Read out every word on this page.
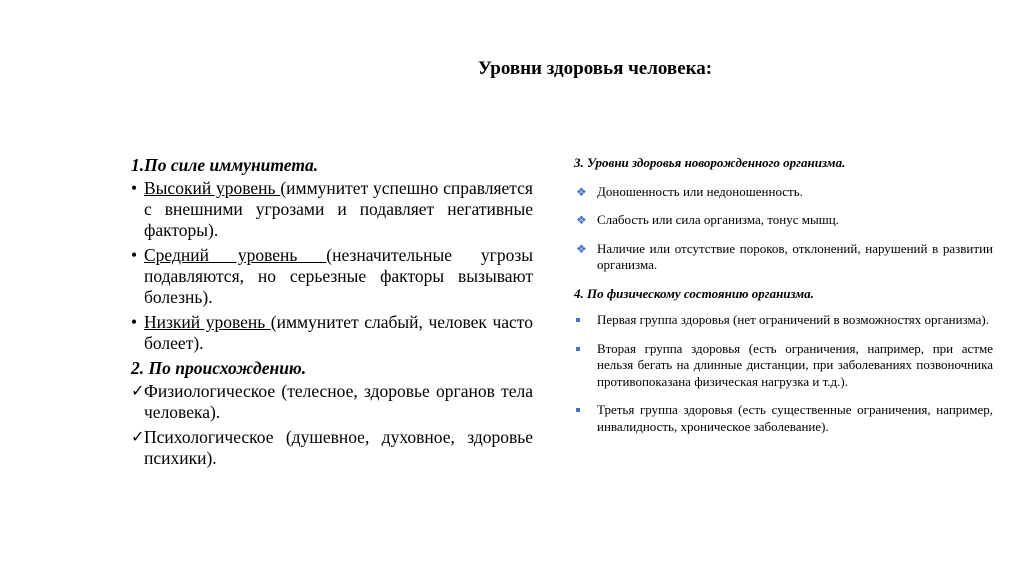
Уровни здоровья человека:
1.По силе иммунитета.
• Высокий уровень (иммунитет успешно справляется с внешними угрозами и подавляет негативные факторы).
• Средний уровень (незначительные угрозы подавляются, но серьезные факторы вызывают болезнь).
• Низкий уровень (иммунитет слабый, человек часто болеет).
2. По происхождению.
✓ Физиологическое (телесное, здоровье органов тела человека).
✓ Психологическое (душевное, духовное, здоровье психики).
3. Уровни здоровья новорожденного организма.
❖ Доношенность или недоношенность.
❖ Слабость или сила организма, тонус мышц.
❖ Наличие или отсутствие пороков, отклонений, нарушений в развитии организма.
4. По физическому состоянию организма.
Первая группа здоровья (нет ограничений в возможностях организма).
Вторая группа здоровья (есть ограничения, например, при астме нельзя бегать на длинные дистанции, при заболеваниях позвоночника противопоказана физическая нагрузка и т.д.).
Третья группа здоровья (есть существенные ограничения, например, инвалидность, хроническое заболевание).
